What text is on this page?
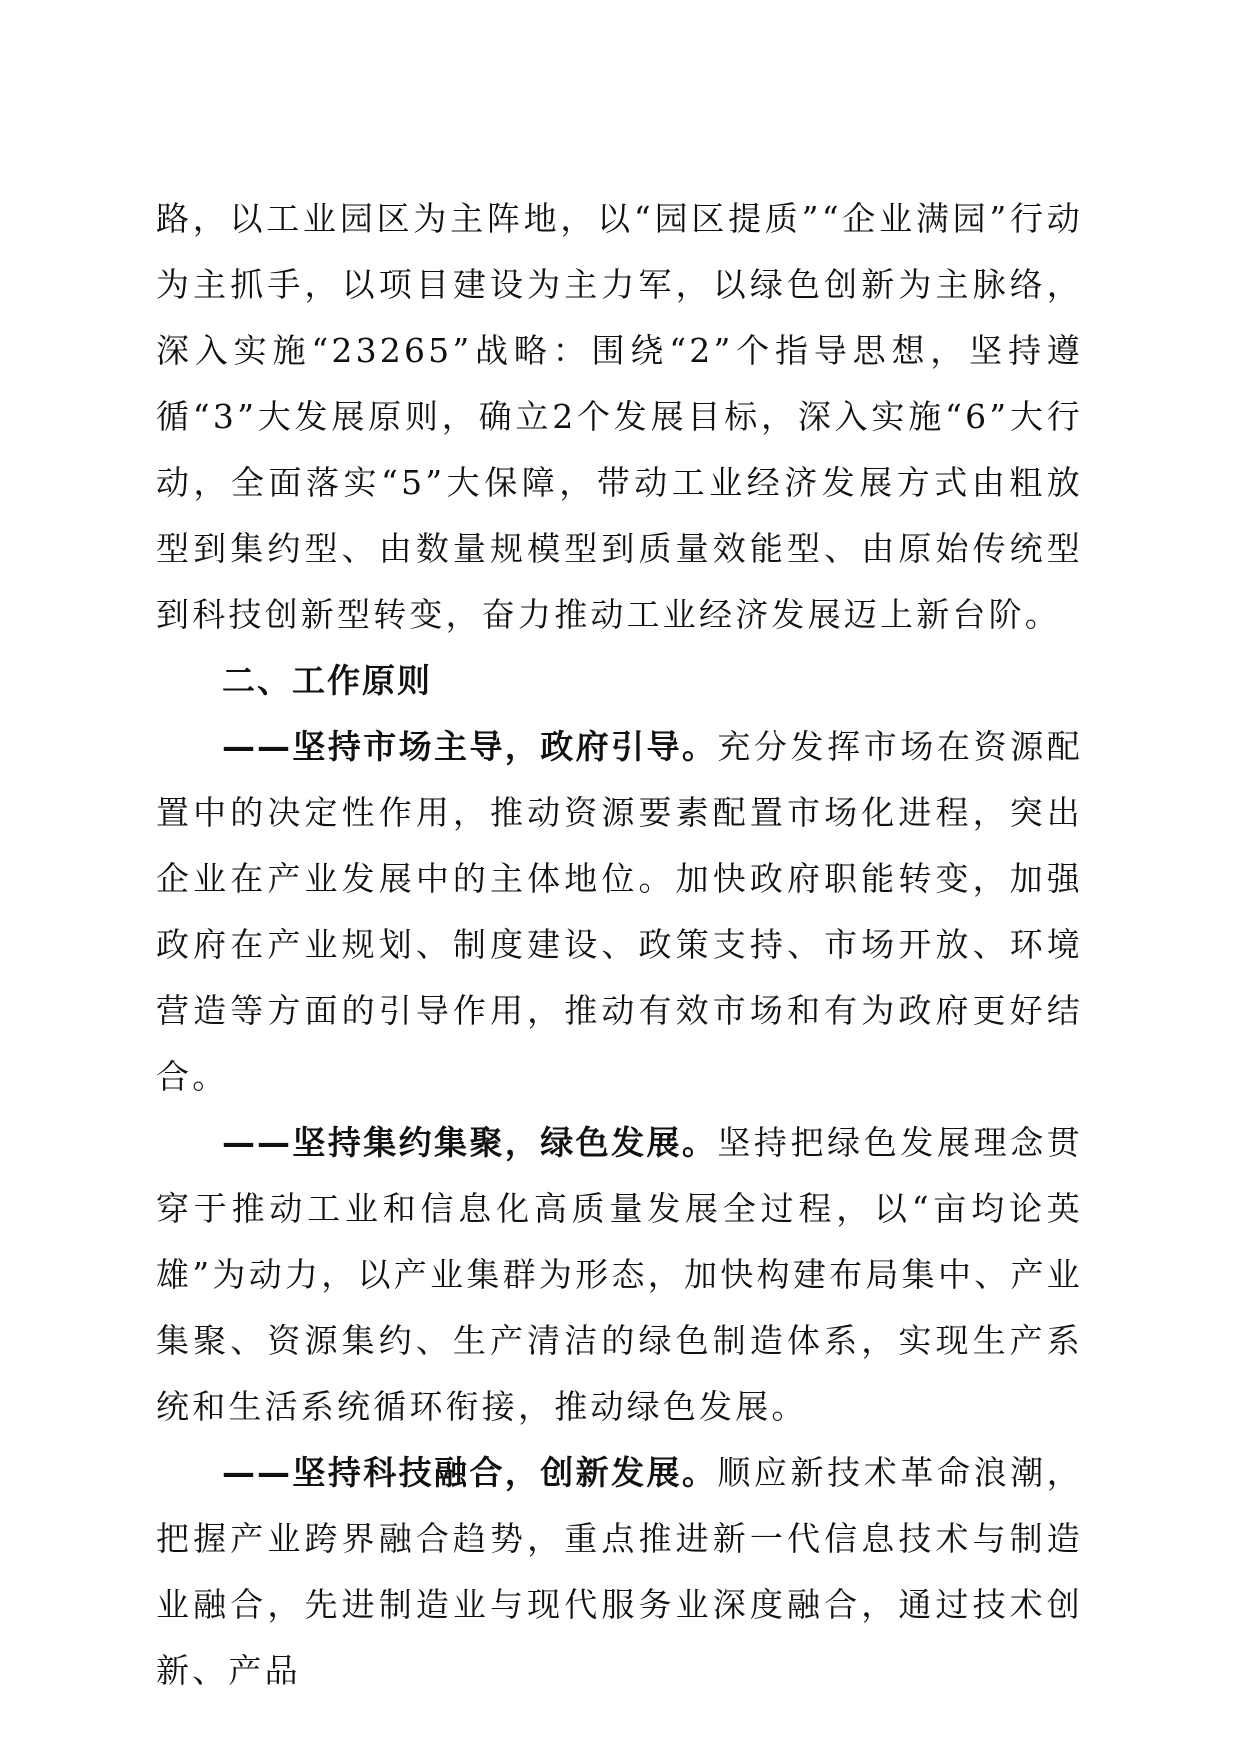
路，以工业园区为主阵地，以“园区提质”“企业满园”行动为主抓手，以项目建设为主力军，以绿色创新为主脉络，深入实施“23265”战略：围绕“2”个指导思想，坚持遵循“3”大发展原则，确立2个发展目标，深入实施“6”大行动，全面落实“5”大保障，带动工业经济发展方式由粗放型到集约型、由数量规模型到质量效能型、由原始传统型到科技创新型转变，奋力推动工业经济发展迈上新台阶。

二、工作原则

——坚持市场主导，政府引导。充分发挥市场在资源配置中的决定性作用，推动资源要素配置市场化进程，突出企业在产业发展中的主体地位。加快政府职能转变，加强政府在产业规划、制度建设、政策支持、市场开放、环境营造等方面的引导作用，推动有效市场和有为政府更好结合。

——坚持集约集聚，绿色发展。坚持把绿色发展理念贯穿于推动工业和信息化高质量发展全过程，以“亩均论英雄”为动力，以产业集群为形态，加快构建布局集中、产业集聚、资源集约、生产清洁的绿色制造体系，实现生产系统和生活系统循环衔接，推动绿色发展。

——坚持科技融合，创新发展。顺应新技术革命浪潮，把握产业跨界融合趋势，重点推进新一代信息技术与制造业融合，先进制造业与现代服务业深度融合，通过技术创新、产品
